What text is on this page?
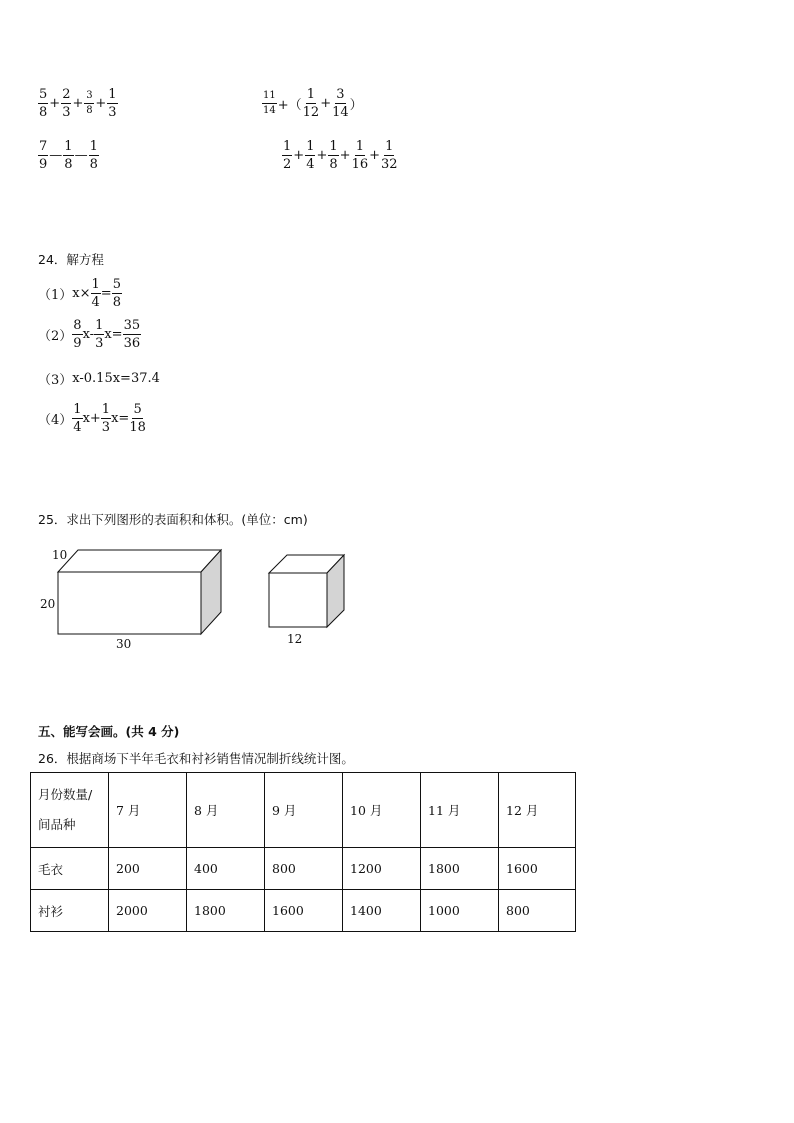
$\frac{5}{8} + \frac{2}{3} + \frac{3}{8} + \frac{1}{3}$	$\frac{11}{14}$ +（ $\frac{1}{12} + \frac{3}{14}$ ）
$\frac{7}{9}$ — $\frac{1}{8}$ — $\frac{1}{8}$	$\frac{1}{2} + \frac{1}{4} + \frac{1}{8} + \frac{1}{16} + \frac{1}{32}$
24．解方程
（1） $x\times \frac{1}{4} = \frac{5}{8}$
$(2) \frac{8}{9} x- \frac{1}{3} x= \frac{35}{36}$
（3） x-0.15x=37.4
$(4) \frac{1}{4} x+ \frac{1}{3} x= \frac{5}{18}$
25．求出下列图形的表面积和体积。(单位：cm)
10
20
30	12
五、能写会画。(共 4 分)
26．根据商场下半年毛衣和衬衫销售情况制折线统计图。
月份数量/
间品种	7 月	8 月	9 月	10 月	11 月	12 月
毛衣	200	400	800	1200	1800	1600
衬衫	2000	1800	1600	1400	1000	800
